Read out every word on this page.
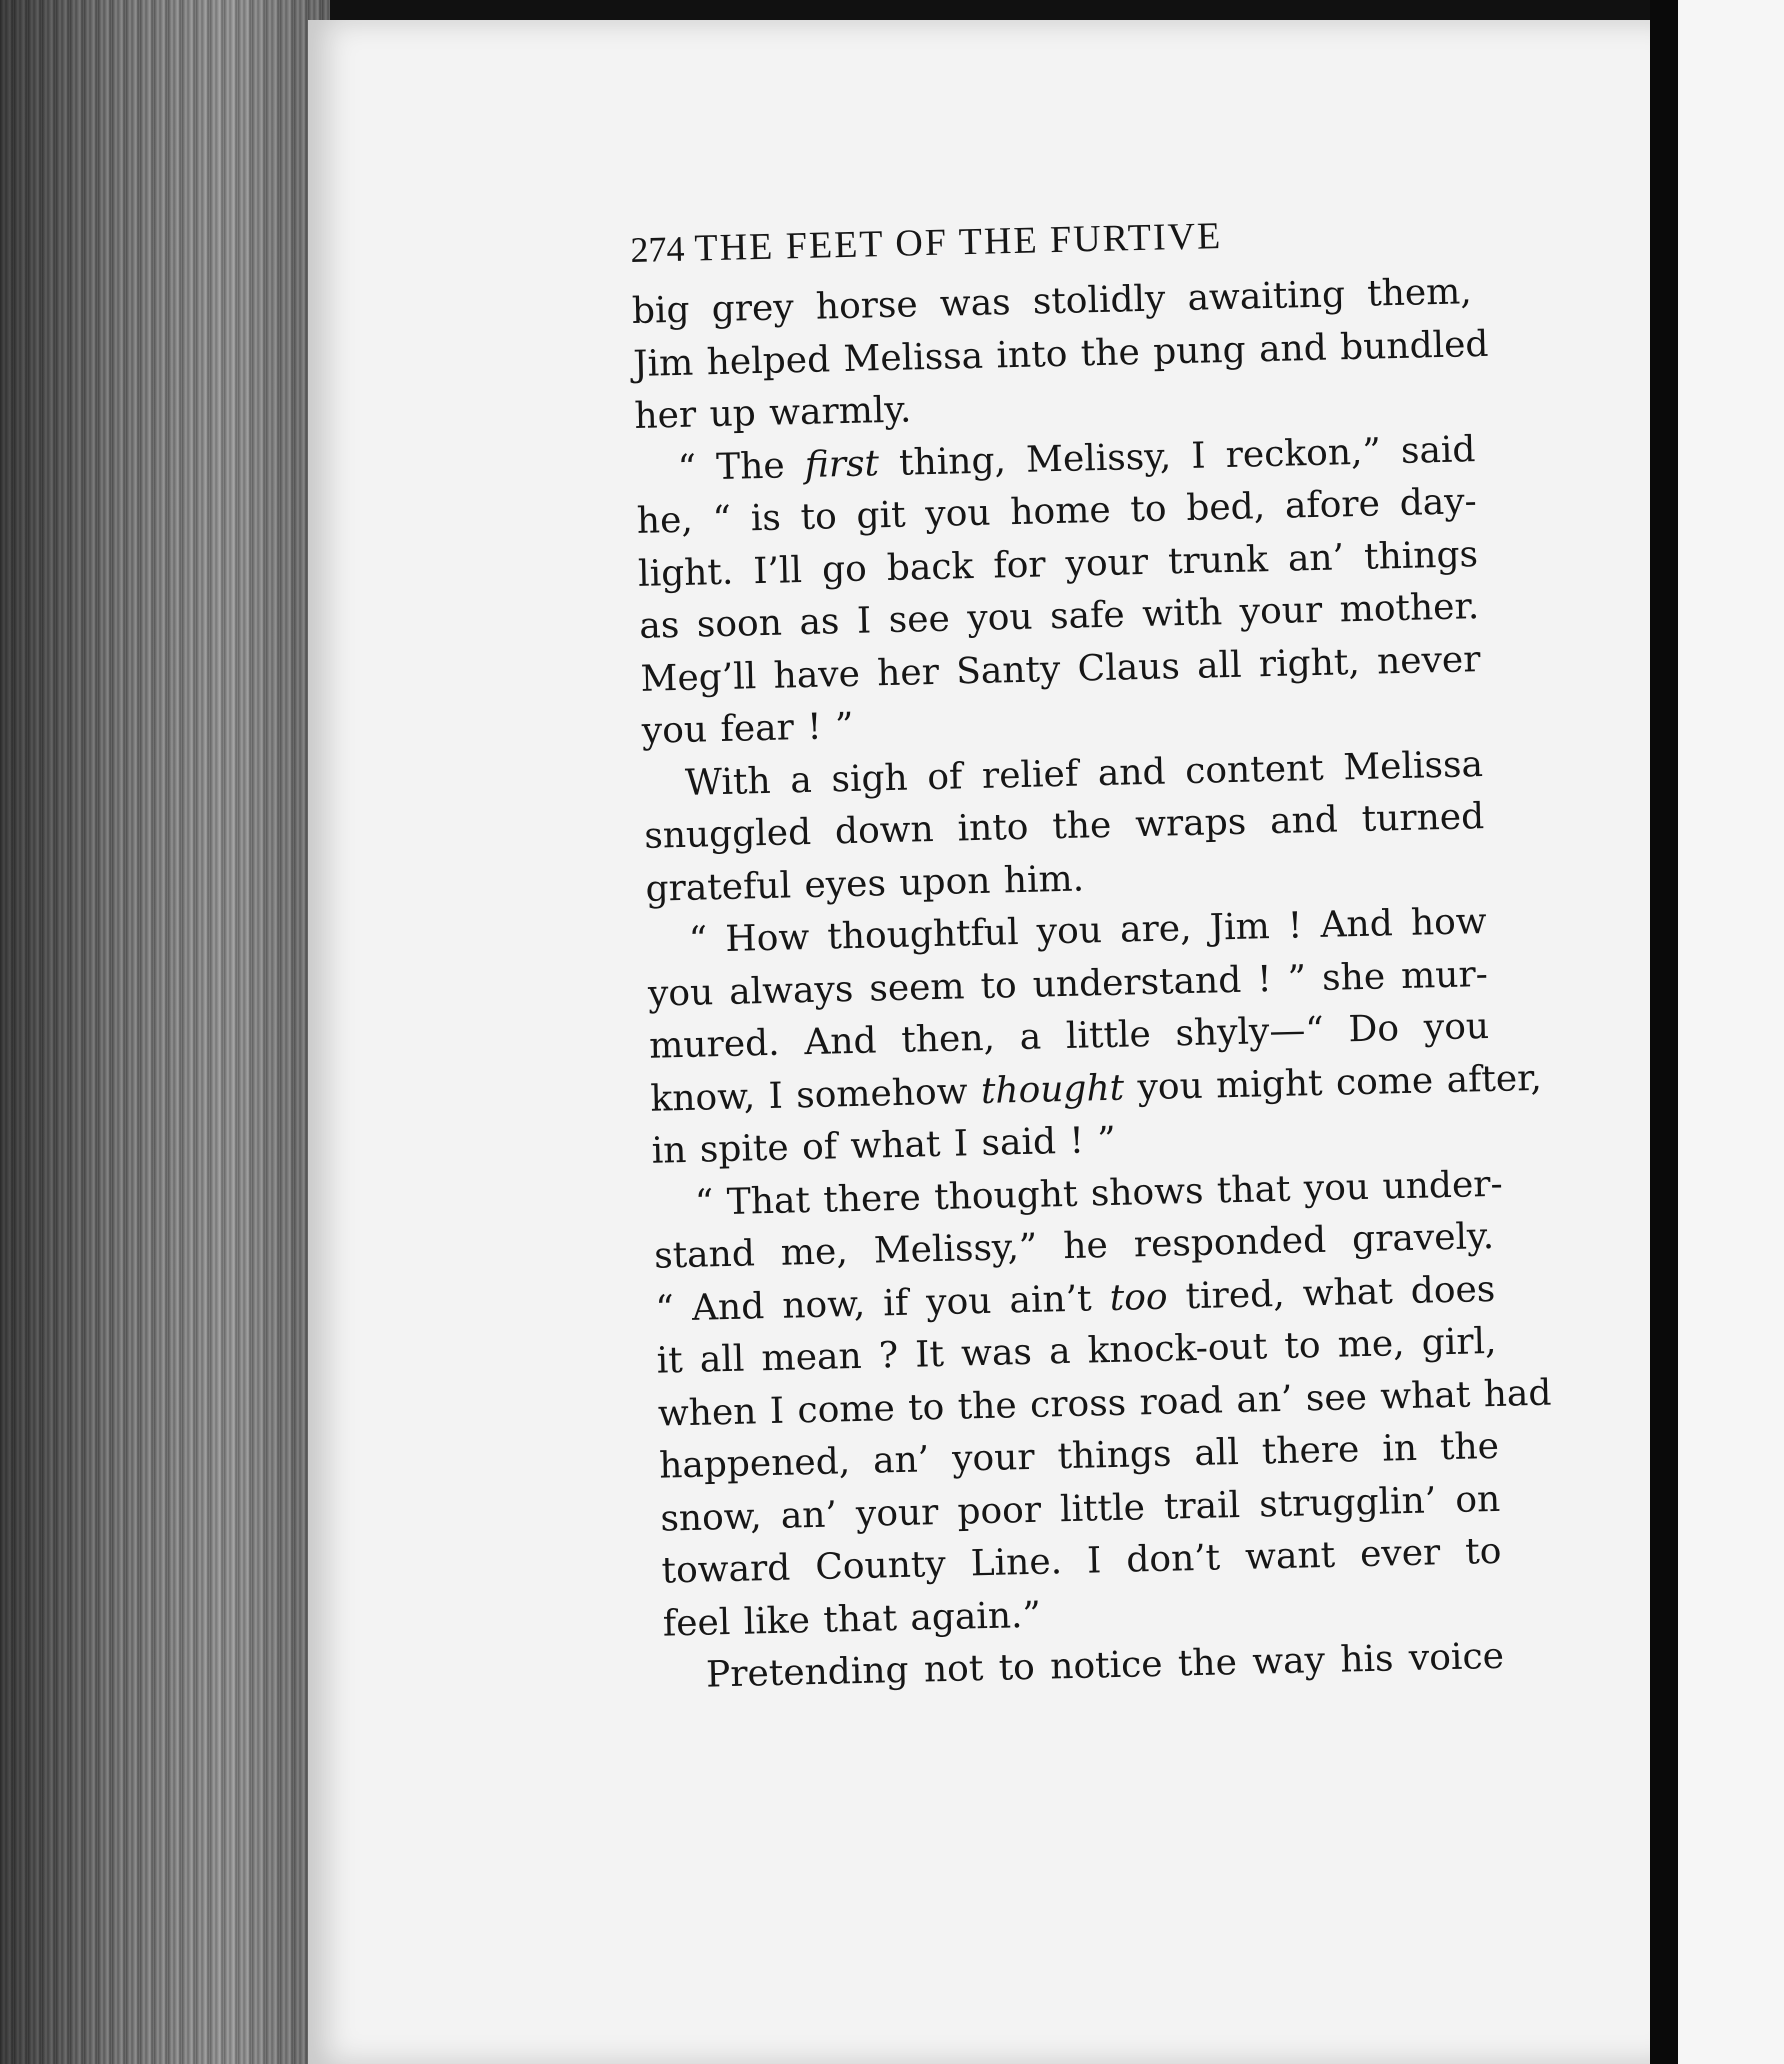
274 THE FEET OF THE FURTIVE
big grey horse was stolidly awaiting them,
Jim helped Melissa into the pung and bundled
her up warmly.
“ The first thing, Melissy, I reckon,” said
he, “ is to git you home to bed, afore day-
light. I’ll go back for your trunk an’ things
as soon as I see you safe with your mother.
Meg’ll have her Santy Claus all right, never
you fear ! ”
With a sigh of relief and content Melissa
snuggled down into the wraps and turned
grateful eyes upon him.
“ How thoughtful you are, Jim ! And how
you always seem to understand ! ” she mur-
mured. And then, a little shyly—“ Do you
know, I somehow thought you might come after,
in spite of what I said ! ”
“ That there thought shows that you under-
stand me, Melissy,” he responded gravely.
“ And now, if you ain’t too tired, what does
it all mean ? It was a knock-out to me, girl,
when I come to the cross road an’ see what had
happened, an’ your things all there in the
snow, an’ your poor little trail strugglin’ on
toward County Line. I don’t want ever to
feel like that again.”
Pretending not to notice the way his voice
